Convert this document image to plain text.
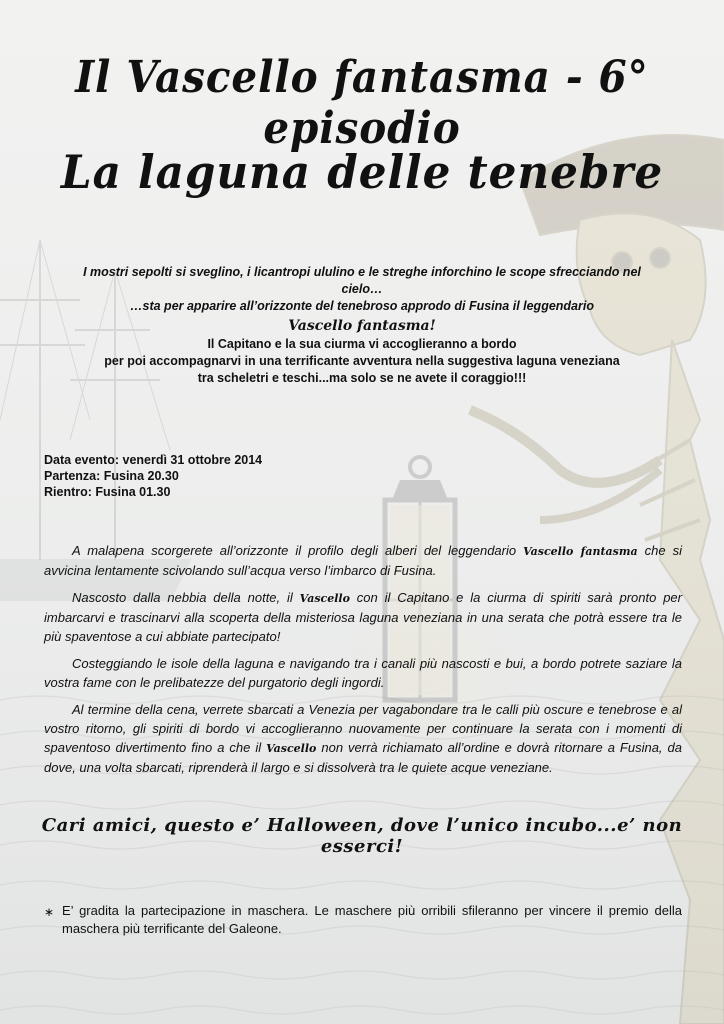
Il Vascello fantasma - 6° episodio
La laguna delle tenebre
I mostri sepolti si sveglino, i licantropi ululino e le streghe inforchino le scope sfrecciando nel cielo…
…sta per apparire all’orizzonte del tenebroso approdo di Fusina il leggendario
Vascello fantasma!
Il Capitano e la sua ciurma vi accoglieranno a bordo
per poi accompagnarvi in una terrificante avventura nella suggestiva laguna veneziana
tra scheletri e teschi...ma solo se ne avete il coraggio!!!
Data evento: venerdì 31 ottobre 2014
Partenza: Fusina 20.30
Rientro: Fusina 01.30

A malapena scorgerete all’orizzonte il profilo degli alberi del leggendario Vascello fantasma che si avvicina lentamente scivolando sull’acqua verso l’imbarco di Fusina.

Nascosto dalla nebbia della notte, il Vascello con il Capitano e la ciurma di spiriti sarà pronto per imbarcarvi e trascinarvi alla scoperta della misteriosa laguna veneziana in una serata che potrà essere tra le più spaventose a cui abbiate partecipato!

Costeggiando le isole della laguna e navigando tra i canali più nascosti e bui, a bordo potrete saziare la vostra fame con le prelibatezze del purgatorio degli ingordi.

Al termine della cena, verrete sbarcati a Venezia per vagabondare tra le calli più oscure e tenebrose e al vostro ritorno, gli spiriti di bordo vi accoglieranno nuovamente per continuare la serata con i momenti di spaventoso divertimento fino a che il Vascello non verrà richiamato all’ordine e dovrà ritornare a Fusina, da dove, una volta sbarcati, riprenderà il largo e si dissolverà tra le quiete acque veneziane.

Cari amici, questo e’ Halloween, dove l’unico incubo...e’ non esserci!
∗ E’ gradita la partecipazione in maschera. Le maschere più orribili sfileranno per vincere il premio della maschera più terrificante del Galeone.
